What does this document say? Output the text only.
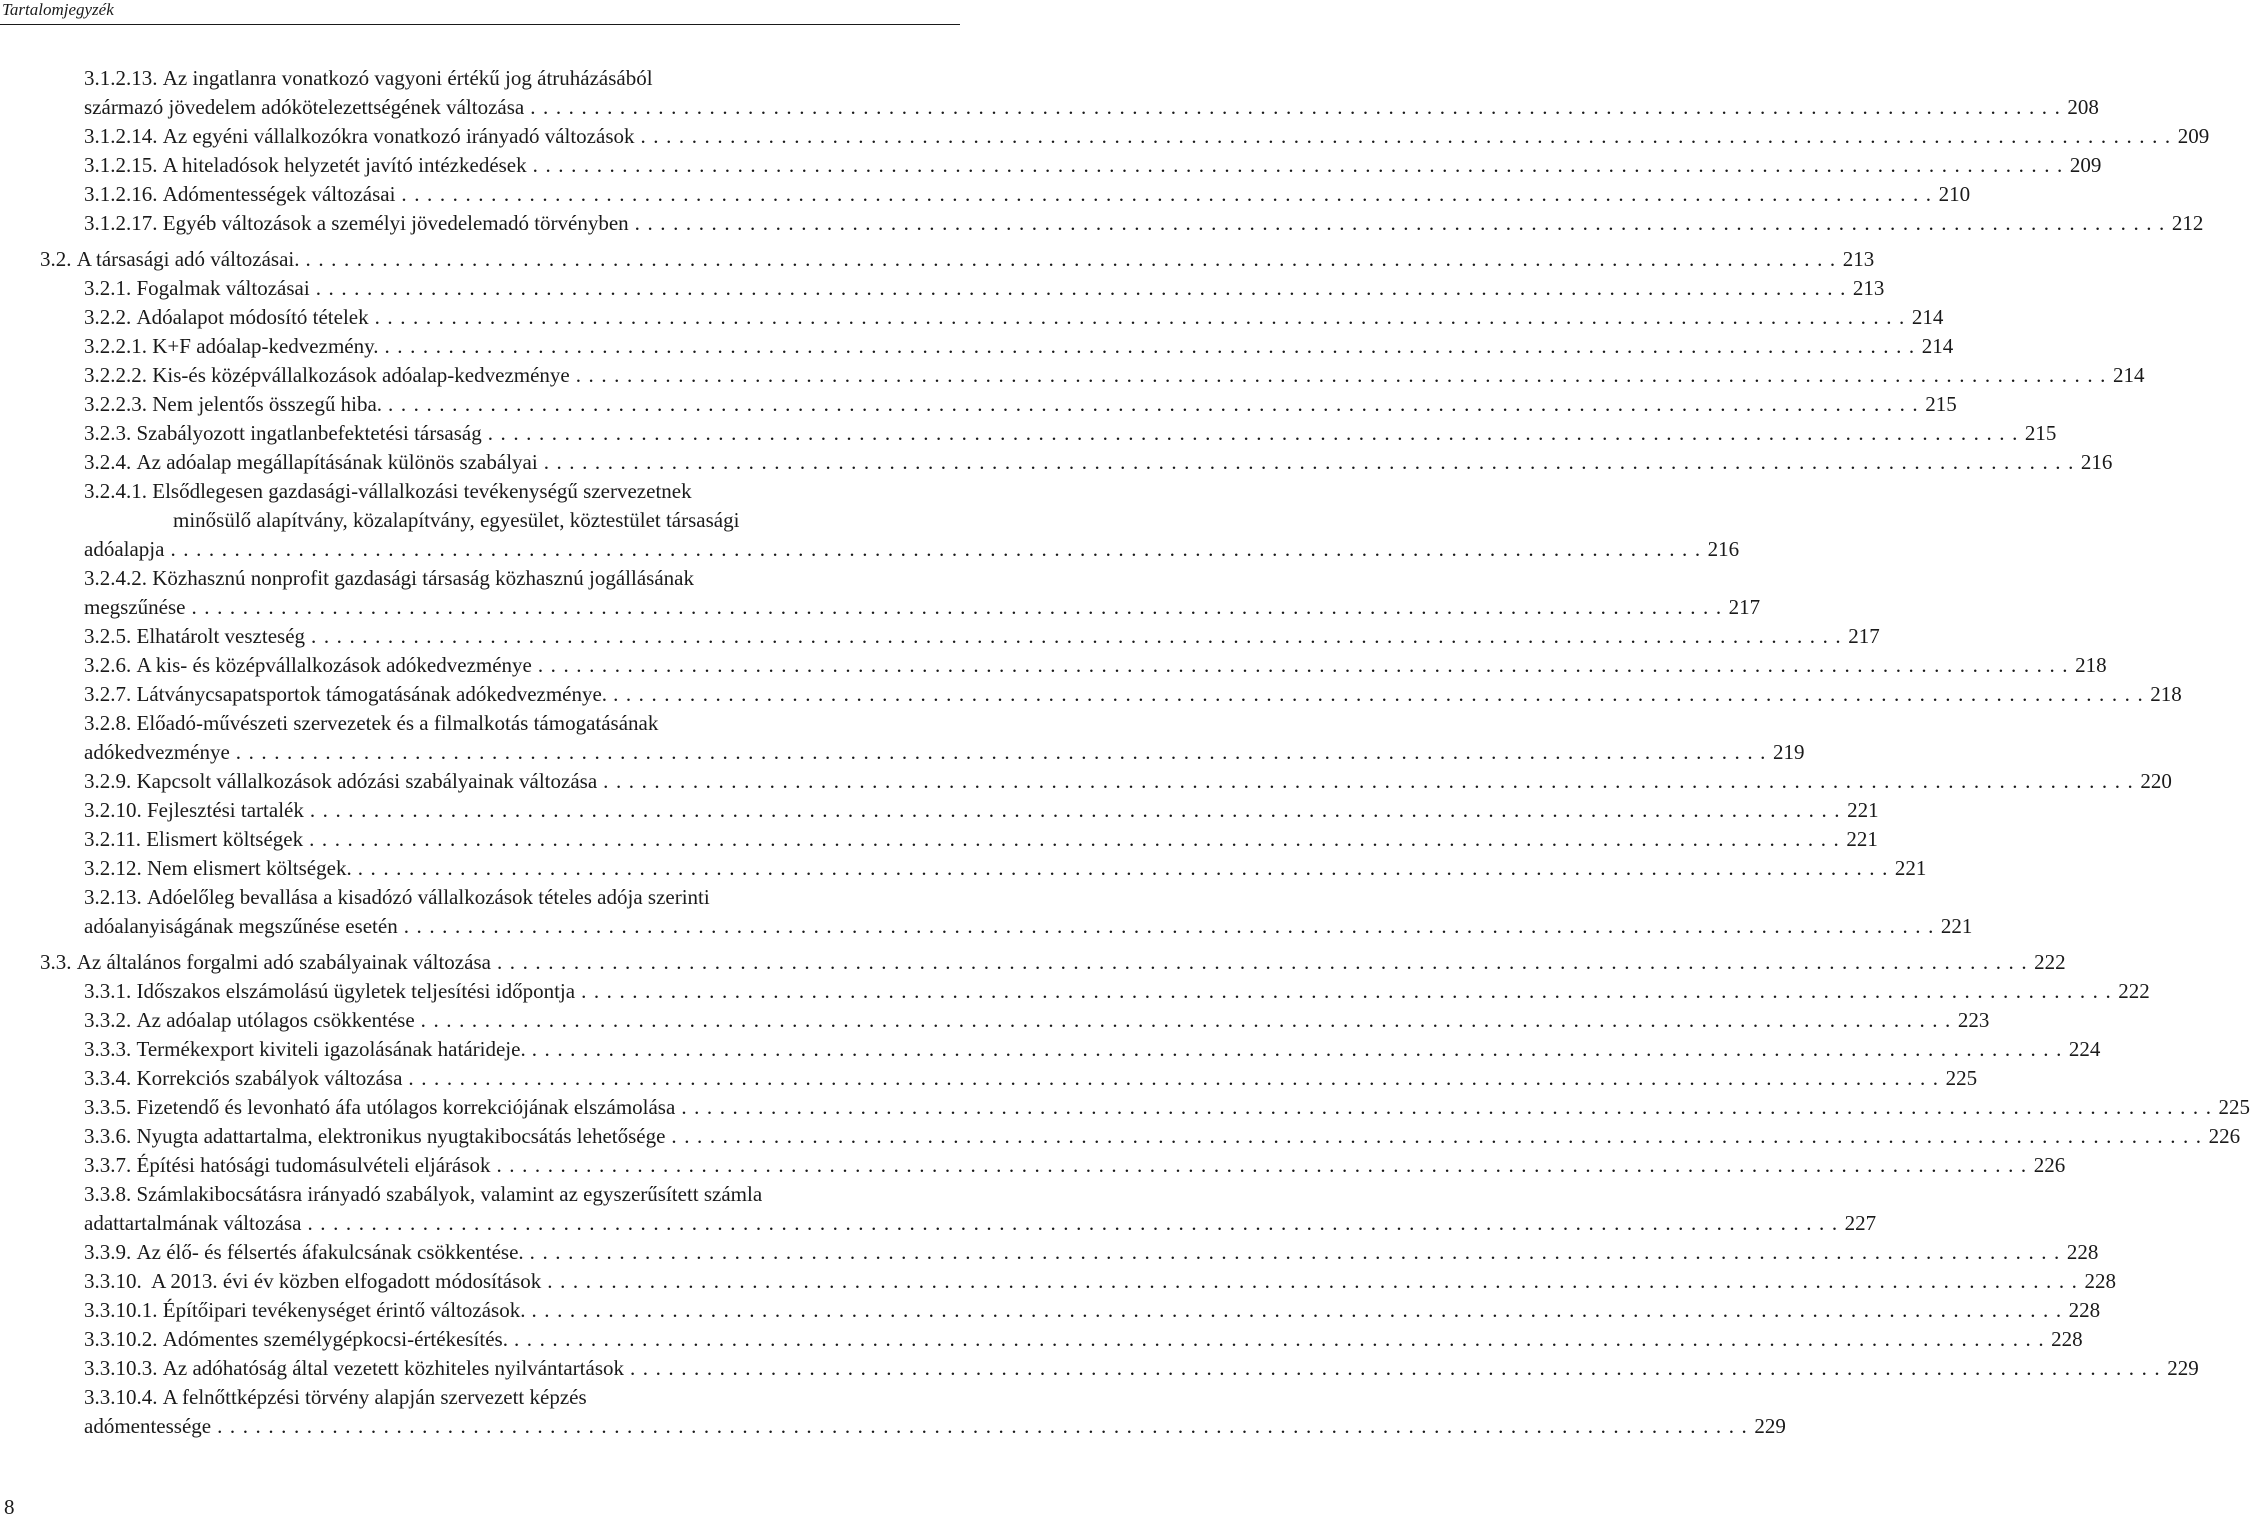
Tartalomjegyzék
3.1.2.13. Az ingatlanra vonatkozó vagyoni értékű jog átruházásából
származó jövedelem adókötelezettségének változása ........................................................................................................................ 208
3.1.2.14. Az egyéni vállalkozókra vonatkozó irányadó változások ........................................................................................................................ 209
3.1.2.15. A hiteladósok helyzetét javító intézkedések ........................................................................................................................ 209
3.1.2.16. Adómentességek változásai ........................................................................................................................ 210
3.1.2.17. Egyéb változások a személyi jövedelemadó törvényben ........................................................................................................................ 212
3.2. A társasági adó változásai. ........................................................................................................................ 213
3.2.1. Fogalmak változásai ........................................................................................................................ 213
3.2.2. Adóalapot módosító tételek ........................................................................................................................ 214
3.2.2.1. K+F adóalap-kedvezmény. ........................................................................................................................ 214
3.2.2.2. Kis-és középvállalkozások adóalap-kedvezménye ........................................................................................................................ 214
3.2.2.3. Nem jelentős összegű hiba. ........................................................................................................................ 215
3.2.3. Szabályozott ingatlanbefektetési társaság ........................................................................................................................ 215
3.2.4. Az adóalap megállapításának különös szabályai ........................................................................................................................ 216
3.2.4.1. Elsődlegesen gazdasági-vállalkozási tevékenységű szervezetnek
minősülő alapítvány, közalapítvány, egyesület, köztestület társasági
adóalapja ........................................................................................................................ 216
3.2.4.2. Közhasznú nonprofit gazdasági társaság közhasznú jogállásának
megszűnése ........................................................................................................................ 217
3.2.5. Elhatárolt veszteség ........................................................................................................................ 217
3.2.6. A kis- és középvállalkozások adókedvezménye ........................................................................................................................ 218
3.2.7. Látványcsapatsportok támogatásának adókedvezménye. ........................................................................................................................ 218
3.2.8. Előadó-művészeti szervezetek és a filmalkotás támogatásának
adókedvezménye ........................................................................................................................ 219
3.2.9. Kapcsolt vállalkozások adózási szabályainak változása ........................................................................................................................ 220
3.2.10. Fejlesztési tartalék ........................................................................................................................ 221
3.2.11. Elismert költségek ........................................................................................................................ 221
3.2.12. Nem elismert költségek. ........................................................................................................................ 221
3.2.13. Adóelőleg bevallása a kisadózó vállalkozások tételes adója szerinti
adóalanyiságának megszűnése esetén ........................................................................................................................ 221
3.3. Az általános forgalmi adó szabályainak változása ........................................................................................................................ 222
3.3.1. Időszakos elszámolású ügyletek teljesítési időpontja ........................................................................................................................ 222
3.3.2. Az adóalap utólagos csökkentése ........................................................................................................................ 223
3.3.3. Termékexport kiviteli igazolásának határideje. ........................................................................................................................ 224
3.3.4. Korrekciós szabályok változása ........................................................................................................................ 225
3.3.5. Fizetendő és levonható áfa utólagos korrekciójának elszámolása ........................................................................................................................ 225
3.3.6. Nyugta adattartalma, elektronikus nyugtakibocsátás lehetősége ........................................................................................................................ 226
3.3.7. Építési hatósági tudomásulvételi eljárások ........................................................................................................................ 226
3.3.8. Számlakibocsátásra irányadó szabályok, valamint az egyszerűsített számla
adattartalmának változása ........................................................................................................................ 227
3.3.9. Az élő- és félsertés áfakulcsának csökkentése. ........................................................................................................................ 228
3.3.10. A 2013. évi év közben elfogadott módosítások ........................................................................................................................ 228
3.3.10.1. Építőipari tevékenységet érintő változások. ........................................................................................................................ 228
3.3.10.2. Adómentes személygépkocsi-értékesítés. ........................................................................................................................ 228
3.3.10.3. Az adóhatóság által vezetett közhiteles nyilvántartások ........................................................................................................................ 229
3.3.10.4. A felnőttképzési törvény alapján szervezett képzés
adómentessége ........................................................................................................................ 229
8
